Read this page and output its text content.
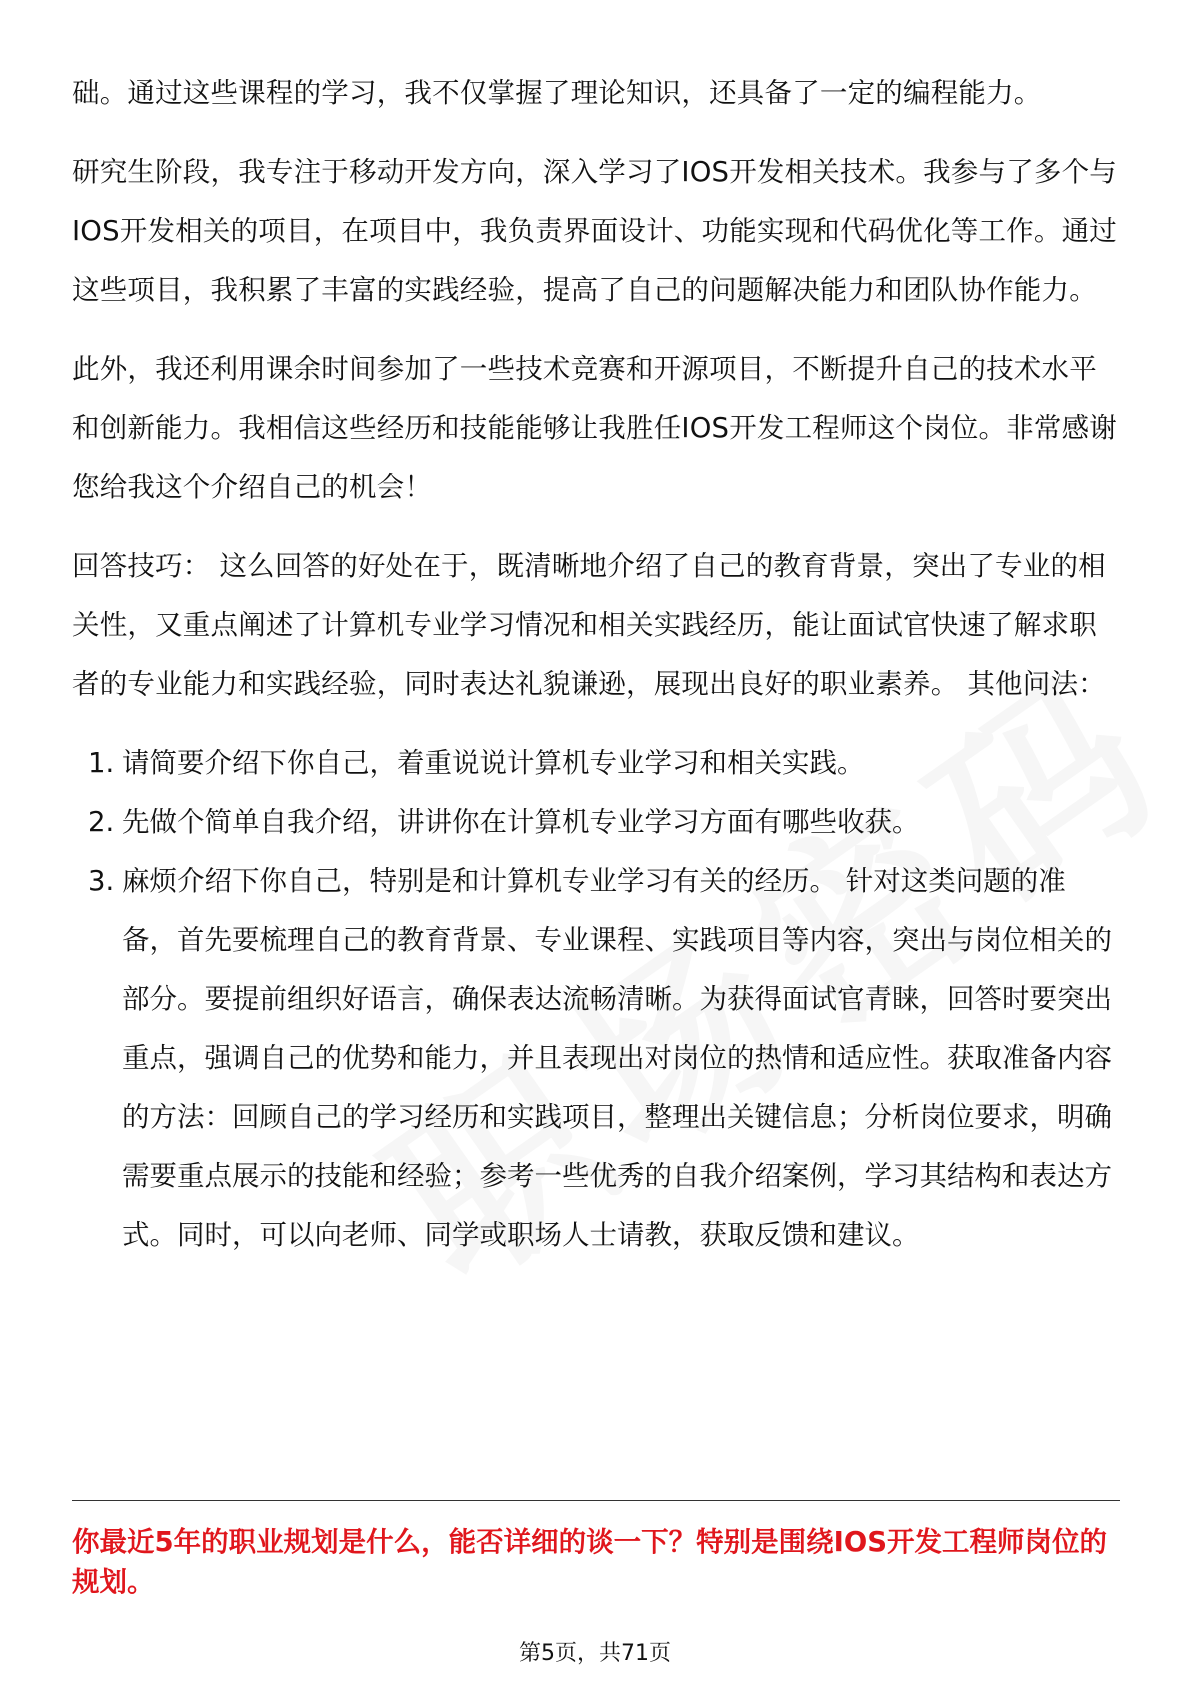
础。通过这些课程的学习，我不仅掌握了理论知识，还具备了一定的编程能力。

研究生阶段，我专注于移动开发方向，深入学习了IOS开发相关技术。我参与了多个与IOS开发相关的项目，在项目中，我负责界面设计、功能实现和代码优化等工作。通过这些项目，我积累了丰富的实践经验，提高了自己的问题解决能力和团队协作能力。

此外，我还利用课余时间参加了一些技术竞赛和开源项目，不断提升自己的技术水平和创新能力。我相信这些经历和技能能够让我胜任IOS开发工程师这个岗位。非常感谢您给我这个介绍自己的机会！

回答技巧： 这么回答的好处在于，既清晰地介绍了自己的教育背景，突出了专业的相关性，又重点阐述了计算机专业学习情况和相关实践经历，能让面试官快速了解求职者的专业能力和实践经验，同时表达礼貌谦逊，展现出良好的职业素养。 其他问法：

1. 请简要介绍下你自己，着重说说计算机专业学习和相关实践。
2. 先做个简单自我介绍，讲讲你在计算机专业学习方面有哪些收获。
3. 麻烦介绍下你自己，特别是和计算机专业学习有关的经历。 针对这类问题的准备，首先要梳理自己的教育背景、专业课程、实践项目等内容，突出与岗位相关的部分。要提前组织好语言，确保表达流畅清晰。为获得面试官青睐，回答时要突出重点，强调自己的优势和能力，并且表现出对岗位的热情和适应性。获取准备内容的方法：回顾自己的学习经历和实践项目，整理出关键信息；分析岗位要求，明确需要重点展示的技能和经验；参考一些优秀的自我介绍案例，学习其结构和表达方式。同时，可以向老师、同学或职场人士请教，获取反馈和建议。
你最近5年的职业规划是什么，能否详细的谈一下？特别是围绕IOS开发工程师岗位的规划。
第5页，共71页
